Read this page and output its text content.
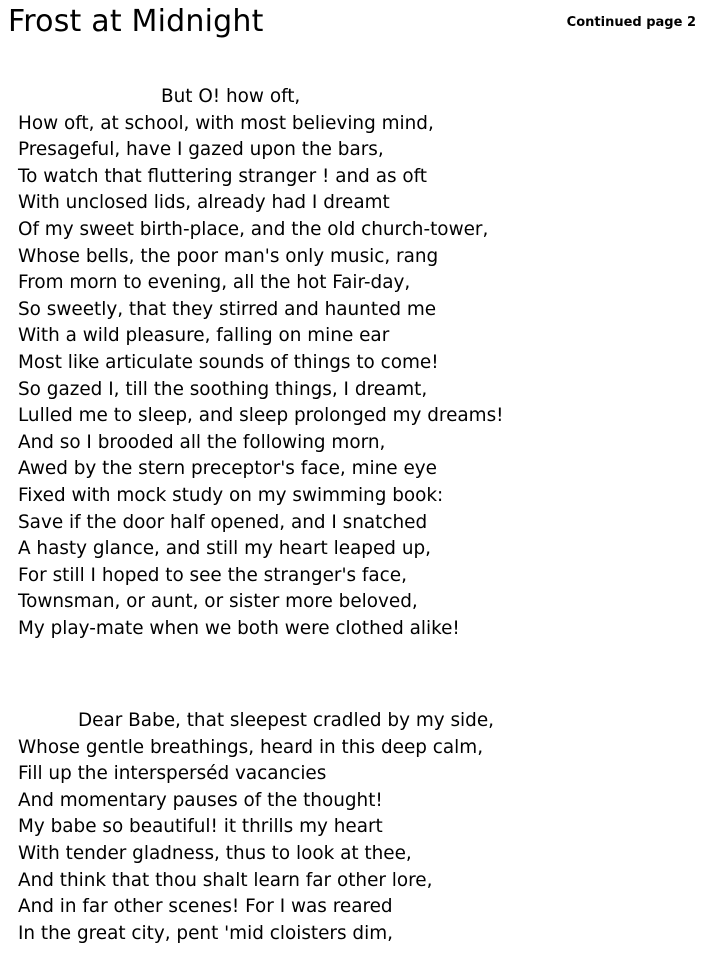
Frost at Midnight	Continued page 2
But O! how oft,
How oft, at school, with most believing mind,
Presageful, have I gazed upon the bars,
To watch that fluttering stranger ! and as oft
With unclosed lids, already had I dreamt
Of my sweet birth-place, and the old church-tower,
Whose bells, the poor man's only music, rang
From morn to evening, all the hot Fair-day,
So sweetly, that they stirred and haunted me
With a wild pleasure, falling on mine ear
Most like articulate sounds of things to come!
So gazed I, till the soothing things, I dreamt,
Lulled me to sleep, and sleep prolonged my dreams!
And so I brooded all the following morn,
Awed by the stern preceptor's face, mine eye
Fixed with mock study on my swimming book:
Save if the door half opened, and I snatched
A hasty glance, and still my heart leaped up,
For still I hoped to see the stranger's face,
Townsman, or aunt, or sister more beloved,
My play-mate when we both were clothed alike!
Dear Babe, that sleepest cradled by my side,
Whose gentle breathings, heard in this deep calm,
Fill up the intersperséd vacancies
And momentary pauses of the thought!
My babe so beautiful! it thrills my heart
With tender gladness, thus to look at thee,
And think that thou shalt learn far other lore,
And in far other scenes! For I was reared
In the great city, pent 'mid cloisters dim,
